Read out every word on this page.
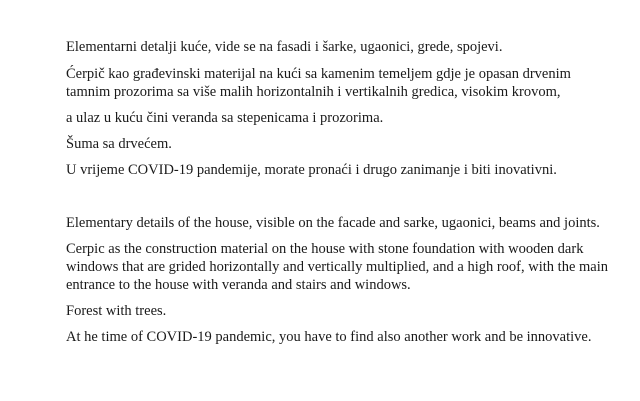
Elementarni detalji kuće, vide se na fasadi i šarke, ugaonici, grede, spojevi.

Ćerpič kao građevinski materijal na kući sa kamenim temeljem gdje je opasan drvenim

tamnim prozorima sa više malih horizontalnih i vertikalnih gredica, visokim krovom,

a ulaz u kuću čini veranda sa stepenicama i prozorima.

Šuma sa drvećem.

U vrijeme COVID-19 pandemije, morate pronaći i drugo zanimanje i biti inovativni.

Elementary details of the house, visible on the facade and sarke, ugaonici, beams and joints.

Cerpic as the construction material on the house with stone foundation with wooden dark

windows that are grided horizontally and vertically multiplied, and a high roof, with the main

entrance to the house with veranda and stairs and windows.

Forest with trees.

At he time of COVID-19 pandemic, you have to find also another work and be innovative.
